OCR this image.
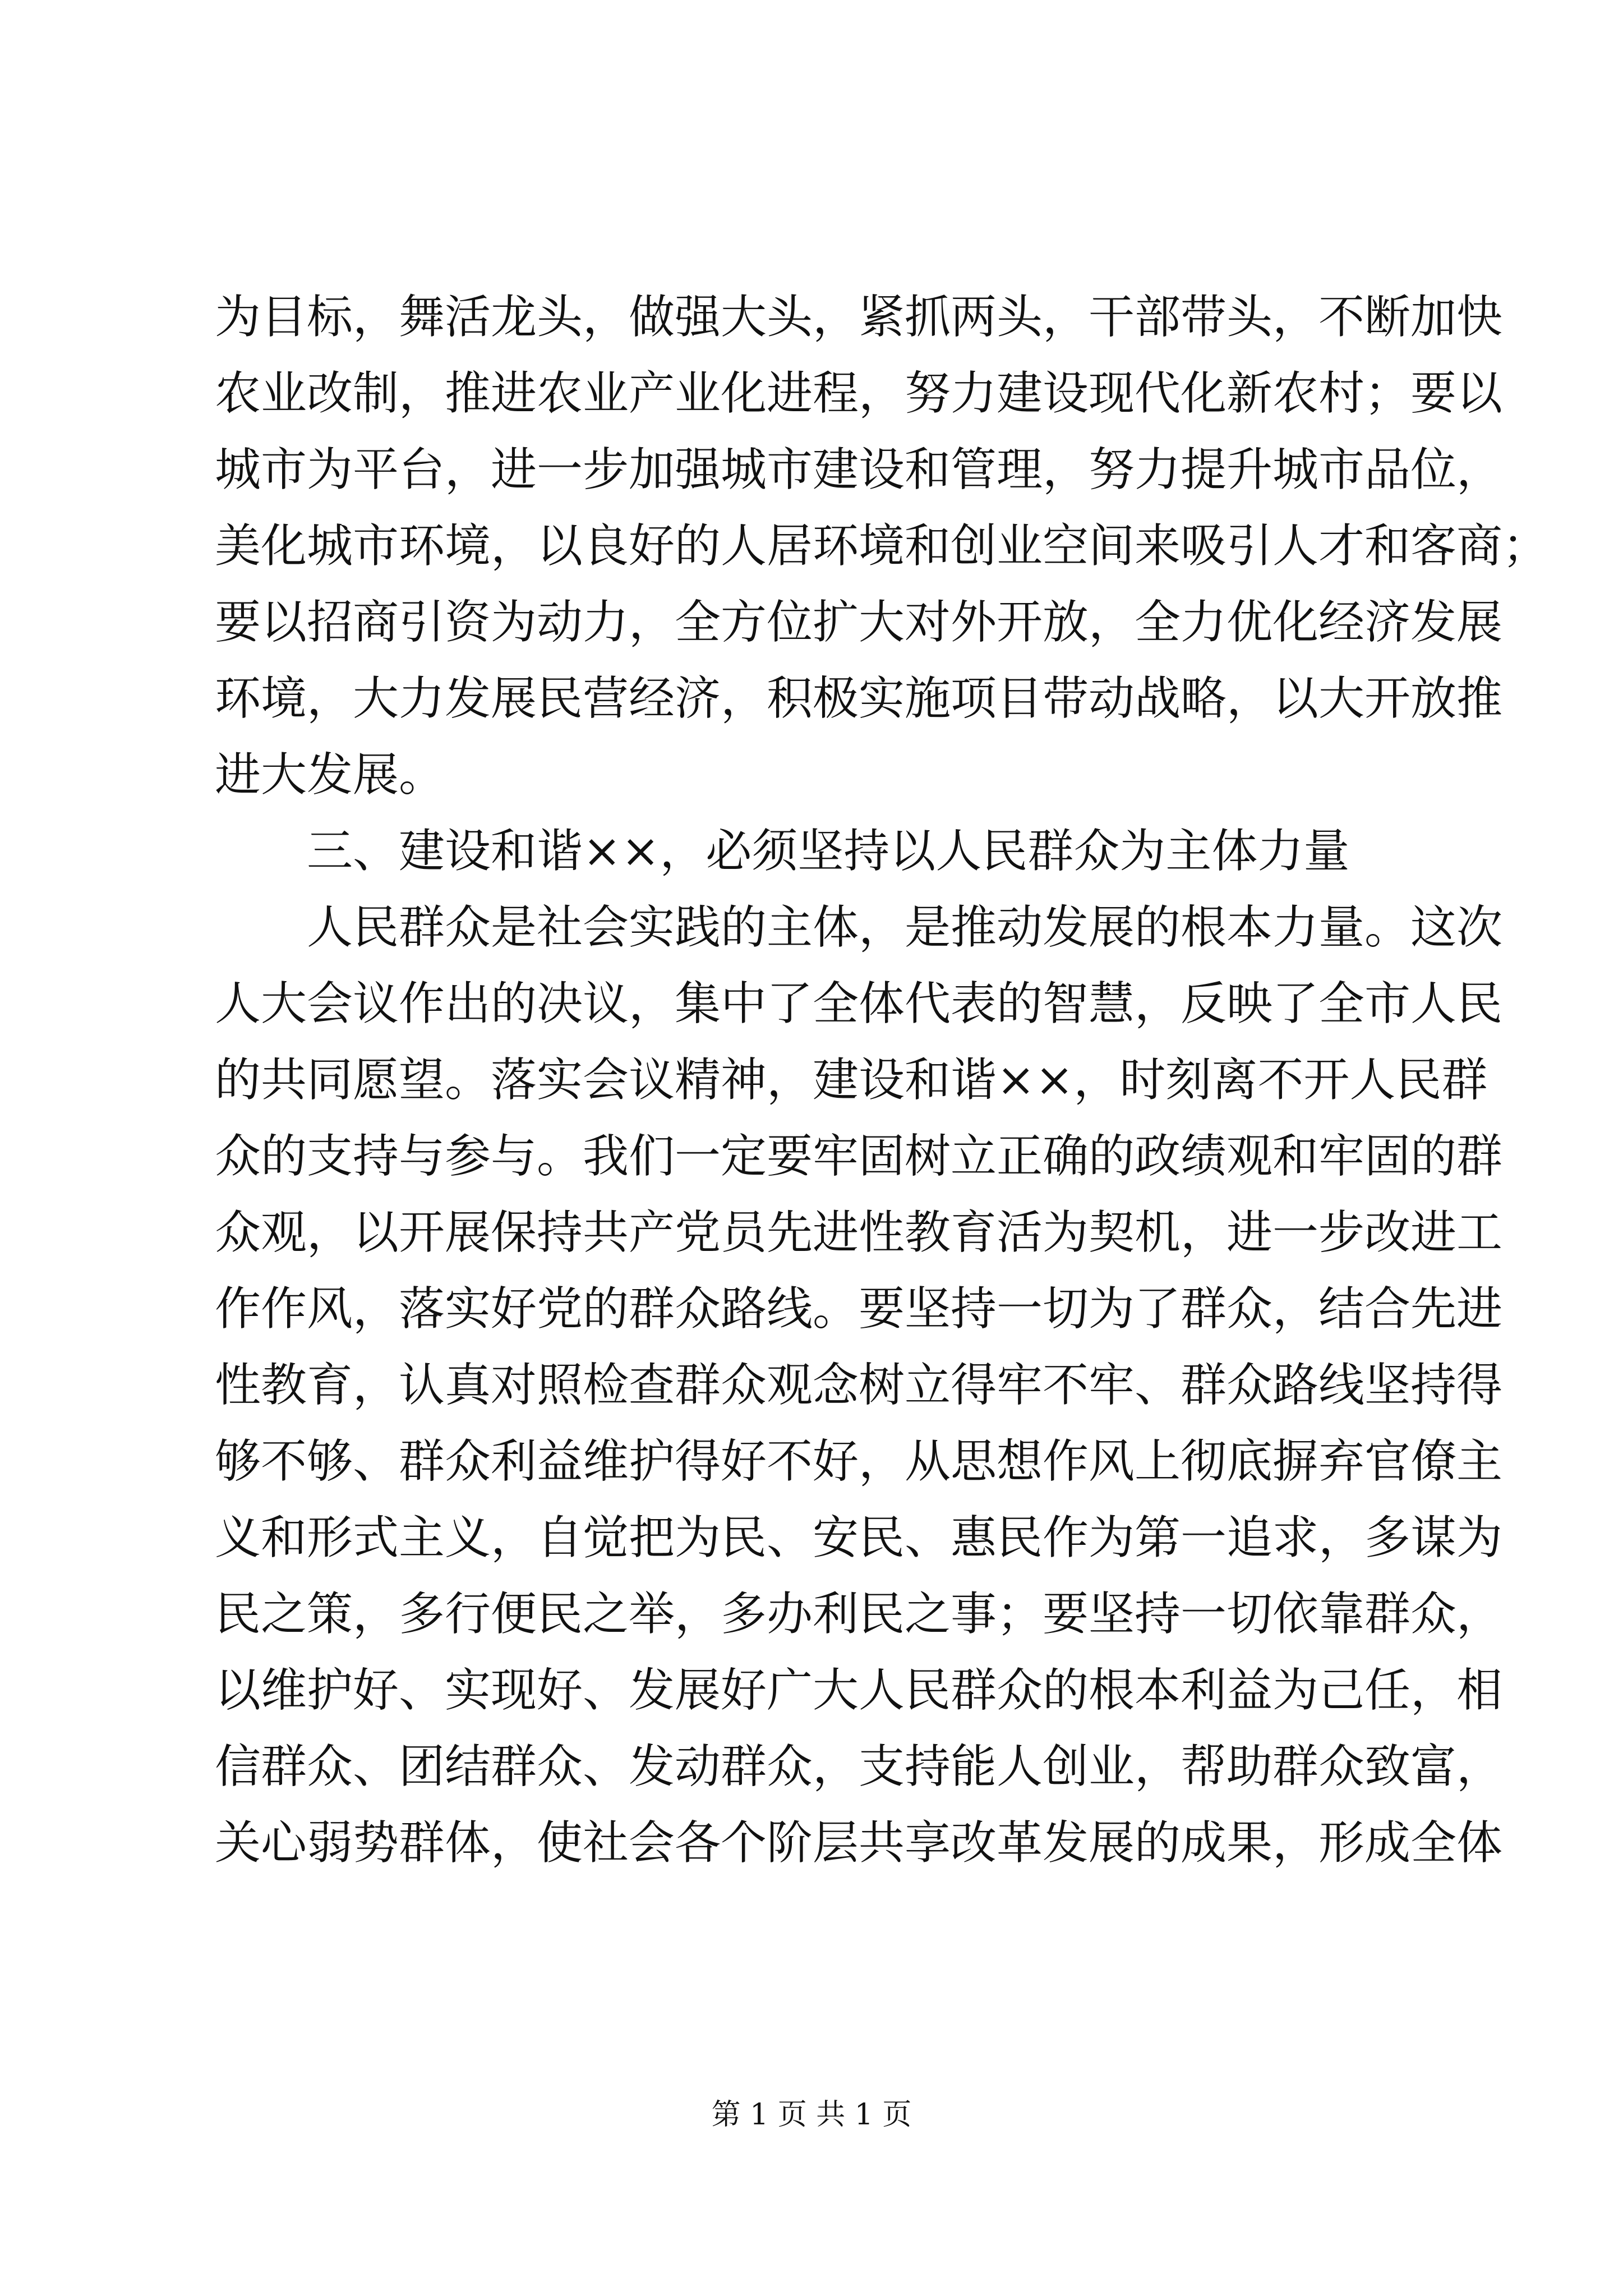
为目标，舞活龙头，做强大头，紧抓两头，干部带头，不断加快
农业改制，推进农业产业化进程，努力建设现代化新农村；要以
城市为平台，进一步加强城市建设和管理，努力提升城市品位，
美化城市环境，以良好的人居环境和创业空间来吸引人才和客商；
要以招商引资为动力，全方位扩大对外开放，全力优化经济发展
环境，大力发展民营经济，积极实施项目带动战略，以大开放推
进大发展。
三、建设和谐××，必须坚持以人民群众为主体力量
人民群众是社会实践的主体，是推动发展的根本力量。这次
人大会议作出的决议，集中了全体代表的智慧，反映了全市人民
的共同愿望。落实会议精神，建设和谐××，时刻离不开人民群
众的支持与参与。我们一定要牢固树立正确的政绩观和牢固的群
众观，以开展保持共产党员先进性教育活为契机，进一步改进工
作作风，落实好党的群众路线。要坚持一切为了群众，结合先进
性教育，认真对照检查群众观念树立得牢不牢、群众路线坚持得
够不够、群众利益维护得好不好，从思想作风上彻底摒弃官僚主
义和形式主义，自觉把为民、安民、惠民作为第一追求，多谋为
民之策，多行便民之举，多办利民之事；要坚持一切依靠群众，
以维护好、实现好、发展好广大人民群众的根本利益为己任，相
信群众、团结群众、发动群众，支持能人创业，帮助群众致富，
关心弱势群体，使社会各个阶层共享改革发展的成果，形成全体
第 1 页 共 1 页
